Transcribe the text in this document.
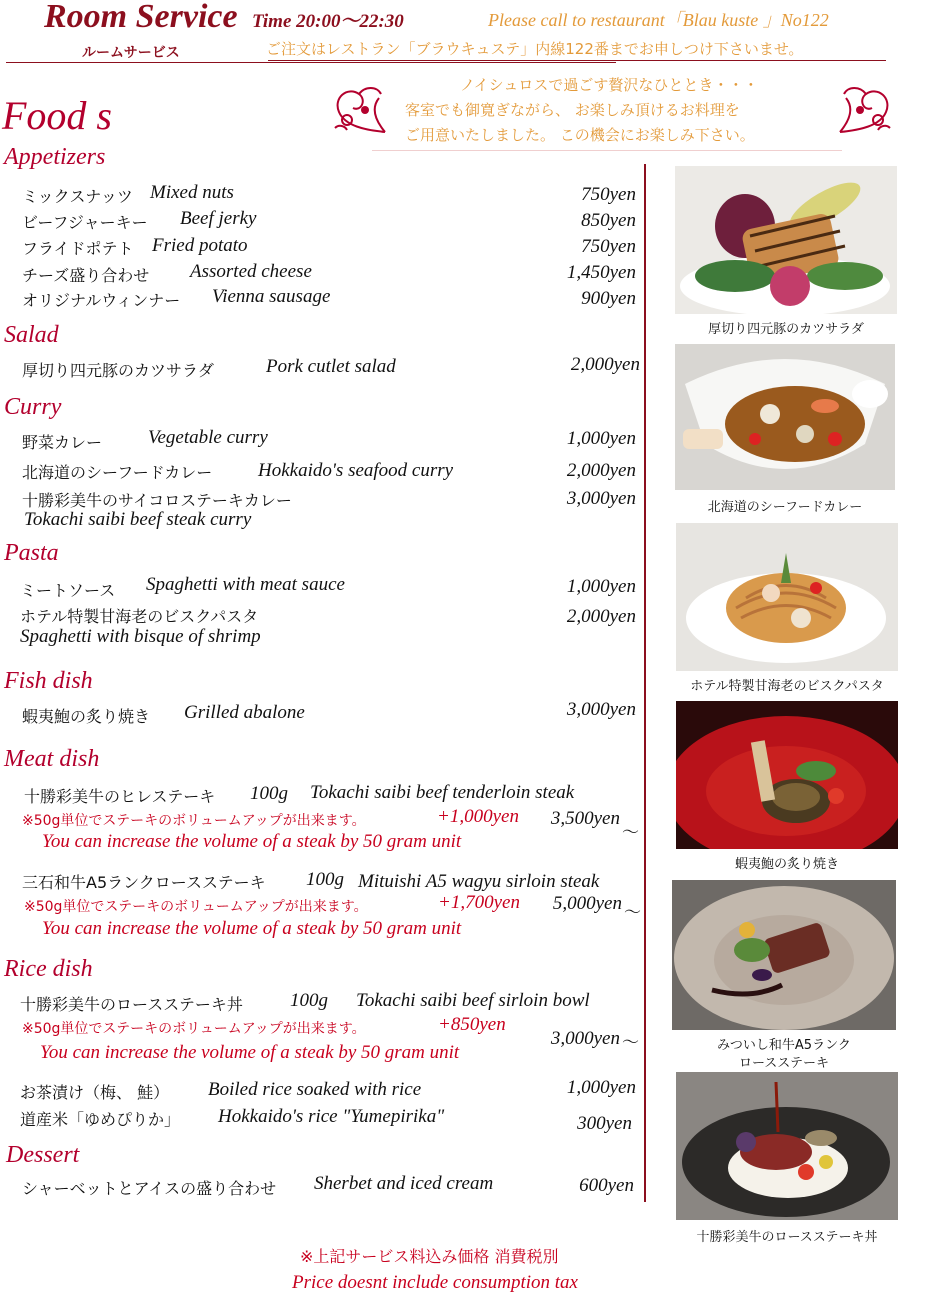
Room Service Time 20:00～22:30
ルームサービス
Please call to restaurant「Blau kuste 」No122
ご注文はレストラン「ブラウキュステ」内線122番までお申しつけ下さいませ。
ノイシュロスで過ごす贅沢なひととき・・・
客室でも御寛ぎながら、 お楽しみ頂けるお料理を
ご用意いたしました。 この機会にお楽しみ下さい。
Food s
Appetizers
ミックスナッツ Mixed nuts	750yen
ビーフジャーキー Beef jerky	850yen
フライドポテト Fried potato	750yen
チーズ盛り合わせ Assorted cheese	1,450yen
オリジナルウィンナー Vienna sausage	900yen
Salad
厚切り四元豚のカツサラダ	Pork cutlet salad	2,000yen
Curry
野菜カレー Vegetable curry	1,000yen
北海道のシーフードカレー Hokkaido's seafood curry	2,000yen
十勝彩美牛のサイコロステーキカレー
Tokachi saibi beef steak curry
3,000yen
Pasta
ミートソース Spaghetti with meat sauce	1,000yen
ホテル特製甘海老のビスクパスタ
Spaghetti with bisque of shrimp
2,000yen
Fish dish
蝦夷鮑の炙り焼き Grilled abalone	3,000yen
Meat dish
十勝彩美牛のヒレステーキ 100g Tokachi saibi beef tenderloin steak
※50g単位でステーキのボリュームアップが出来ます。	+1,000yen 3,500yen
～
You can increase the volume of a steak by 50 gram unit
三石和牛A5ランクロースステーキ 100g Mituishi A5 wagyu sirloin steak
※50g単位でステーキのボリュームアップが出来ます。	+1,700yen 5,000yen ～
You can increase the volume of a steak by 50 gram unit
Rice dish
十勝彩美牛のロースステーキ丼 100g Tokachi saibi beef sirloin bowl
※50g単位でステーキのボリュームアップが出来ます。	+850yen
3,000yen ～
You can increase the volume of a steak by 50 gram unit
お茶漬け（梅、 鮭） Boiled rice soaked with rice	1,000yen
道産米「ゆめぴりか」 Hokkaido's rice "Yumepirika"	300yen
Dessert
シャーベットとアイスの盛り合わせ Sherbet and iced cream	600yen
※上記サービス料込み価格 消費税別
Price doesnt include consumption tax
厚切り四元豚のカツサラダ
北海道のシーフードカレー
ホテル特製甘海老のビスクパスタ
蝦夷鮑の炙り焼き
みついし和牛A5ランク
ロースステーキ
十勝彩美牛のロースステーキ丼
